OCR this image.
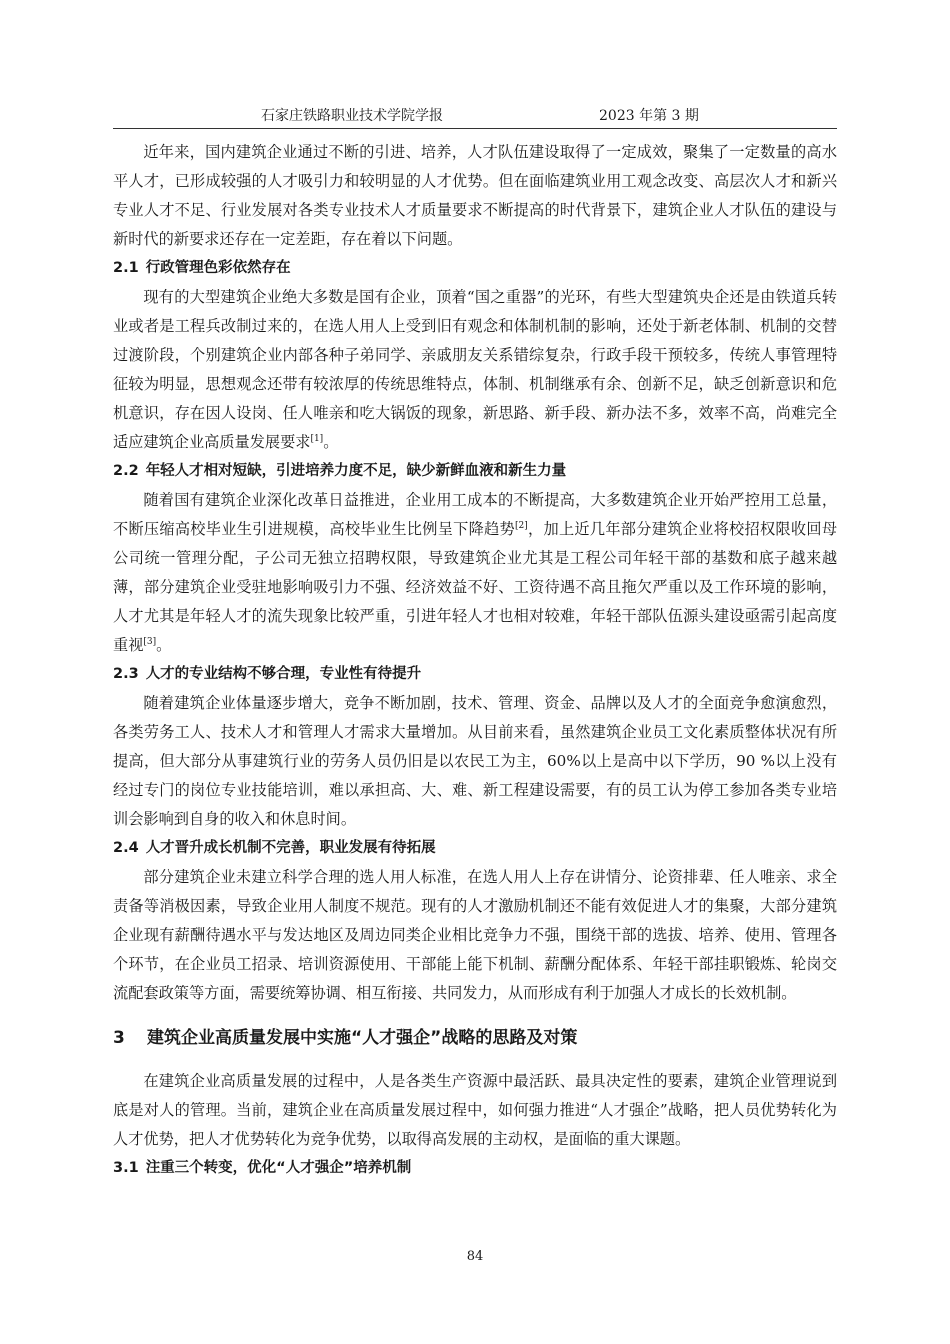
石家庄铁路职业技术学院学报	2023 年第 3 期

近年来，国内建筑企业通过不断的引进、培养，人才队伍建设取得了一定成效，聚集了一定数量的高水平人才，已形成较强的人才吸引力和较明显的人才优势。但在面临建筑业用工观念改变、高层次人才和新兴专业人才不足、行业发展对各类专业技术人才质量要求不断提高的时代背景下，建筑企业人才队伍的建设与新时代的新要求还存在一定差距，存在着以下问题。

2.1 行政管理色彩依然存在

现有的大型建筑企业绝大多数是国有企业，顶着“国之重器”的光环，有些大型建筑央企还是由铁道兵转业或者是工程兵改制过来的，在选人用人上受到旧有观念和体制机制的影响，还处于新老体制、机制的交替过渡阶段，个别建筑企业内部各种子弟同学、亲戚朋友关系错综复杂，行政手段干预较多，传统人事管理特征较为明显，思想观念还带有较浓厚的传统思维特点，体制、机制继承有余、创新不足，缺乏创新意识和危机意识，存在因人设岗、任人唯亲和吃大锅饭的现象，新思路、新手段、新办法不多，效率不高，尚难完全适应建筑企业高质量发展要求[1]。

2.2 年轻人才相对短缺，引进培养力度不足，缺少新鲜血液和新生力量

随着国有建筑企业深化改革日益推进，企业用工成本的不断提高，大多数建筑企业开始严控用工总量，不断压缩高校毕业生引进规模，高校毕业生比例呈下降趋势[2]，加上近几年部分建筑企业将校招权限收回母公司统一管理分配，子公司无独立招聘权限，导致建筑企业尤其是工程公司年轻干部的基数和底子越来越薄，部分建筑企业受驻地影响吸引力不强、经济效益不好、工资待遇不高且拖欠严重以及工作环境的影响，人才尤其是年轻人才的流失现象比较严重，引进年轻人才也相对较难，年轻干部队伍源头建设亟需引起高度重视[3]。

2.3 人才的专业结构不够合理，专业性有待提升

随着建筑企业体量逐步增大，竞争不断加剧，技术、管理、资金、品牌以及人才的全面竞争愈演愈烈，各类劳务工人、技术人才和管理人才需求大量增加。从目前来看，虽然建筑企业员工文化素质整体状况有所提高，但大部分从事建筑行业的劳务人员仍旧是以农民工为主，60%以上是高中以下学历，90 %以上没有经过专门的岗位专业技能培训，难以承担高、大、难、新工程建设需要，有的员工认为停工参加各类专业培训会影响到自身的收入和休息时间。

2.4 人才晋升成长机制不完善，职业发展有待拓展

部分建筑企业未建立科学合理的选人用人标准，在选人用人上存在讲情分、论资排辈、任人唯亲、求全责备等消极因素，导致企业用人制度不规范。现有的人才激励机制还不能有效促进人才的集聚，大部分建筑企业现有薪酬待遇水平与发达地区及周边同类企业相比竞争力不强，围绕干部的选拔、培养、使用、管理各个环节，在企业员工招录、培训资源使用、干部能上能下机制、薪酬分配体系、年轻干部挂职锻炼、轮岗交流配套政策等方面，需要统筹协调、相互衔接、共同发力，从而形成有利于加强人才成长的长效机制。

3 建筑企业高质量发展中实施“人才强企”战略的思路及对策

在建筑企业高质量发展的过程中，人是各类生产资源中最活跃、最具决定性的要素，建筑企业管理说到底是对人的管理。当前，建筑企业在高质量发展过程中，如何强力推进“人才强企”战略，把人员优势转化为人才优势，把人才优势转化为竞争优势，以取得高发展的主动权，是面临的重大课题。

3.1 注重三个转变，优化“人才强企”培养机制
84
